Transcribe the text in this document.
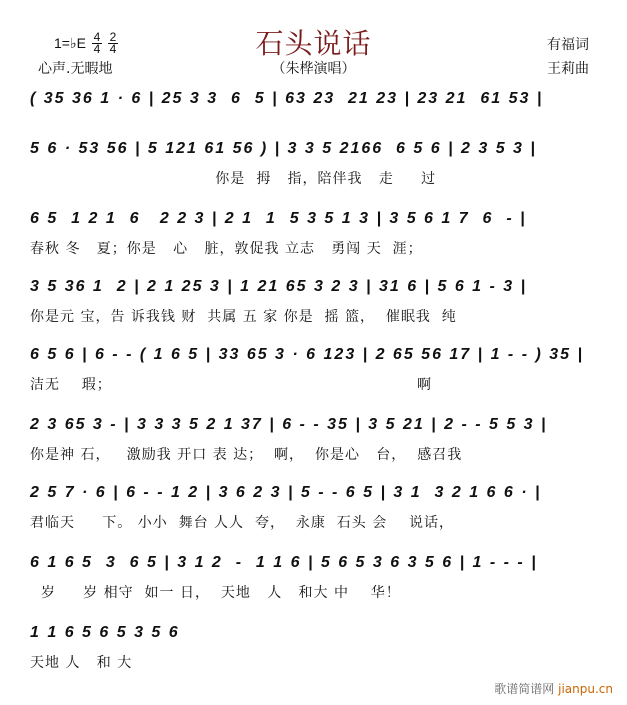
石头说话
（朱桦演唱）
1=♭E $\frac{4}{4} \frac{2}{4}$
心声.无暇地
有福词
王莉曲
( 35 36 1 · 6 | 25 3 3  6  5 | 63 23  21 23 | 23 21  61 53 |
5 6 · 53 56 | 5 121 61 56 ) | 3 3 5 2166  6 5 6 | 2 3 5 3 |
你是  拇   指，陪伴我   走     过
6 5  1 2 1  6   2 2 3 | 2 1  1  5 3 5 1 3 | 3 5 6 1 7  6  - |
春秋 冬   夏；你是   心   脏，敦促我 立志   勇闯 天  涯；
3 5 36 1  2 | 2 1 25 3 | 1 21 65 3 2 3 | 31 6 | 5 6 1 - 3 |
你是元 宝，告 诉我钱 财  共属 五 家 你是  摇 篮，  催眠我  纯
6 5 6 | 6 - - ( 1 6 5 | 33 65 3 · 6 123 | 2 65 56 17 | 1 - - ) 35 |
洁无    瑕；                                                        啊
2 3 65 3 - | 3 3 3 5 2 1 37 | 6 - - 35 | 3 5 21 | 2 - - 5 5 3 |
你是神 石，   激励我 开口 表 达；  啊，  你是心   台，  感召我
2 5 7 · 6 | 6 - - 1 2 | 3 6 2 3 | 5 - - 6 5 | 3 1  3 2 1 6 6 · |
君临天     下。 小小  舞台 人人  夸，  永康  石头 会    说话，
6 1 6 5  3  6 5 | 3 1 2  -  1 1 6 | 5 6 5 3 6 3 5 6 | 1 - - - |
岁     岁 相守  如一 日，  天地   人   和大 中    华！
1 1 6 5 6 5 3 5 6
天地 人   和 大
歌谱简谱网 jianpu.cn
